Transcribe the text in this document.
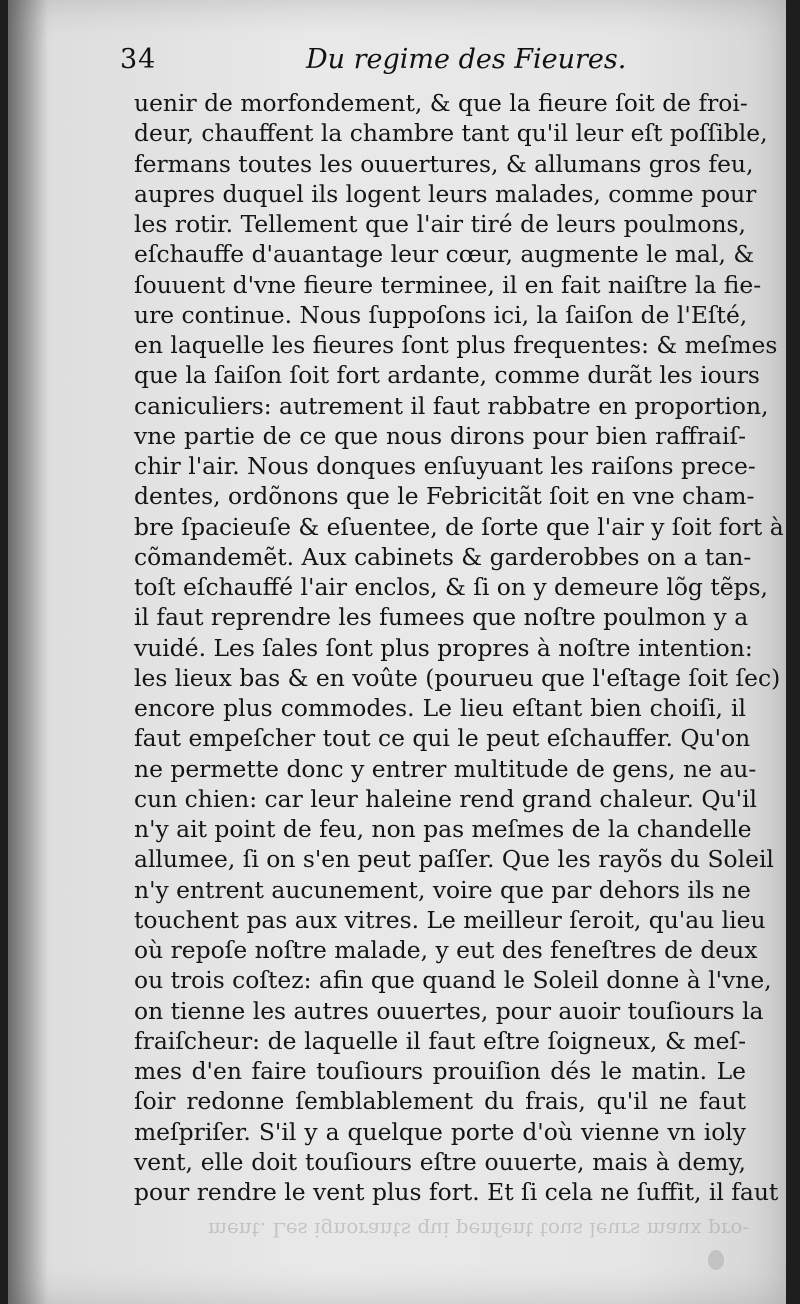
34	Du regime des Fieures.
uenir de morfondement, & que la fieure ſoit de froi-
deur, chauffent la chambre tant qu'il leur eſt poſſible,
fermans toutes les ouuertures, & allumans gros feu,
aupres duquel ils logent leurs malades, comme pour
les rotir. Tellement que l'air tiré de leurs poulmons,
eſchauffe d'auantage leur cœur, augmente le mal, &
ſouuent d'vne fieure terminee, il en fait naiſtre la fie-
ure continue. Nous ſuppoſons ici, la ſaiſon de l'Eſté,
en laquelle les fieures ſont plus frequentes: & meſmes
que la ſaiſon ſoit fort ardante, comme durãt les iours
caniculiers: autrement il faut rabbatre en proportion,
vne partie de ce que nous dirons pour bien raffraiſ-
chir l'air. Nous donques enſuyuant les raiſons prece-
dentes, ordõnons que le Febricitãt ſoit en vne cham-
bre ſpacieuſe & eſuentee, de ſorte que l'air y ſoit fort à
cõmandemẽt. Aux cabinets & garderobbes on a tan-
toſt eſchauffé l'air enclos, & ſi on y demeure lõg tẽps,
il faut reprendre les fumees que noſtre poulmon y a
vuidé. Les ſales ſont plus propres à noſtre intention:
les lieux bas & en voûte (pourueu que l'eſtage ſoit ſec)
encore plus commodes. Le lieu eſtant bien choiſi, il
faut empeſcher tout ce qui le peut eſchauffer. Qu'on
ne permette donc y entrer multitude de gens, ne au-
cun chien: car leur haleine rend grand chaleur. Qu'il
n'y ait point de feu, non pas meſmes de la chandelle
allumee, ſi on s'en peut paſſer. Que les rayõs du Soleil
n'y entrent aucunement, voire que par dehors ils ne
touchent pas aux vitres. Le meilleur ſeroit, qu'au lieu
où repoſe noſtre malade, y eut des feneſtres de deux
ou trois coſtez: afin que quand le Soleil donne à l'vne,
on tienne les autres ouuertes, pour auoir touſiours la
fraiſcheur: de laquelle il faut eſtre ſoigneux, & meſ-
mes d'en faire touſiours prouiſion dés le matin. Le
ſoir redonne ſemblablement du frais, qu'il ne faut
meſpriſer. S'il y a quelque porte d'où vienne vn ioly
vent, elle doit touſiours eſtre ouuerte, mais à demy,
pour rendre le vent plus fort. Et ſi cela ne ſuffit, il faut
ment. Les ignorants qui penſent tous leurs maux pro-
